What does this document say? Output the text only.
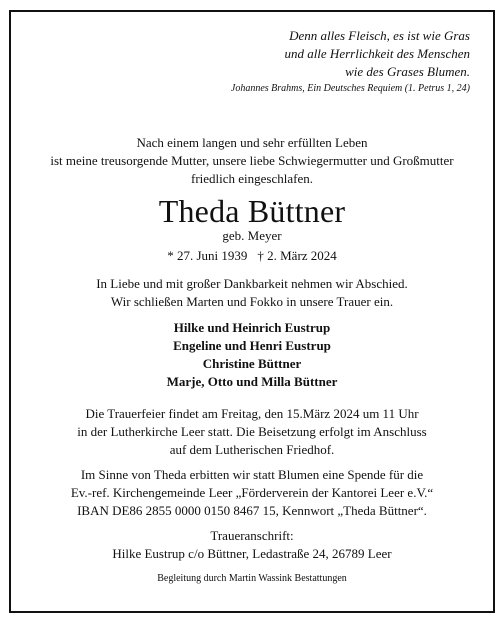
Denn alles Fleisch, es ist wie Gras
und alle Herrlichkeit des Menschen
wie des Grases Blumen.
Johannes Brahms, Ein Deutsches Requiem (1. Petrus 1, 24)
Nach einem langen und sehr erfüllten Leben
ist meine treusorgende Mutter, unsere liebe Schwiegermutter und Großmutter
friedlich eingeschlafen.
Theda Büttner
geb. Meyer
* 27. Juni 1939 † 2. März 2024
In Liebe und mit großer Dankbarkeit nehmen wir Abschied.
Wir schließen Marten und Fokko in unsere Trauer ein.
Hilke und Heinrich Eustrup
Engeline und Henri Eustrup
Christine Büttner
Marje, Otto und Milla Büttner
Die Trauerfeier findet am Freitag, den 15.März 2024 um 11 Uhr
in der Lutherkirche Leer statt. Die Beisetzung erfolgt im Anschluss
auf dem Lutherischen Friedhof.
Im Sinne von Theda erbitten wir statt Blumen eine Spende für die
Ev.-ref. Kirchengemeinde Leer „Förderverein der Kantorei Leer e.V.“
IBAN DE86 2855 0000 0150 8467 15, Kennwort „Theda Büttner“.
Traueranschrift:
Hilke Eustrup c/o Büttner, Ledastraße 24, 26789 Leer
Begleitung durch Martin Wassink Bestattungen
